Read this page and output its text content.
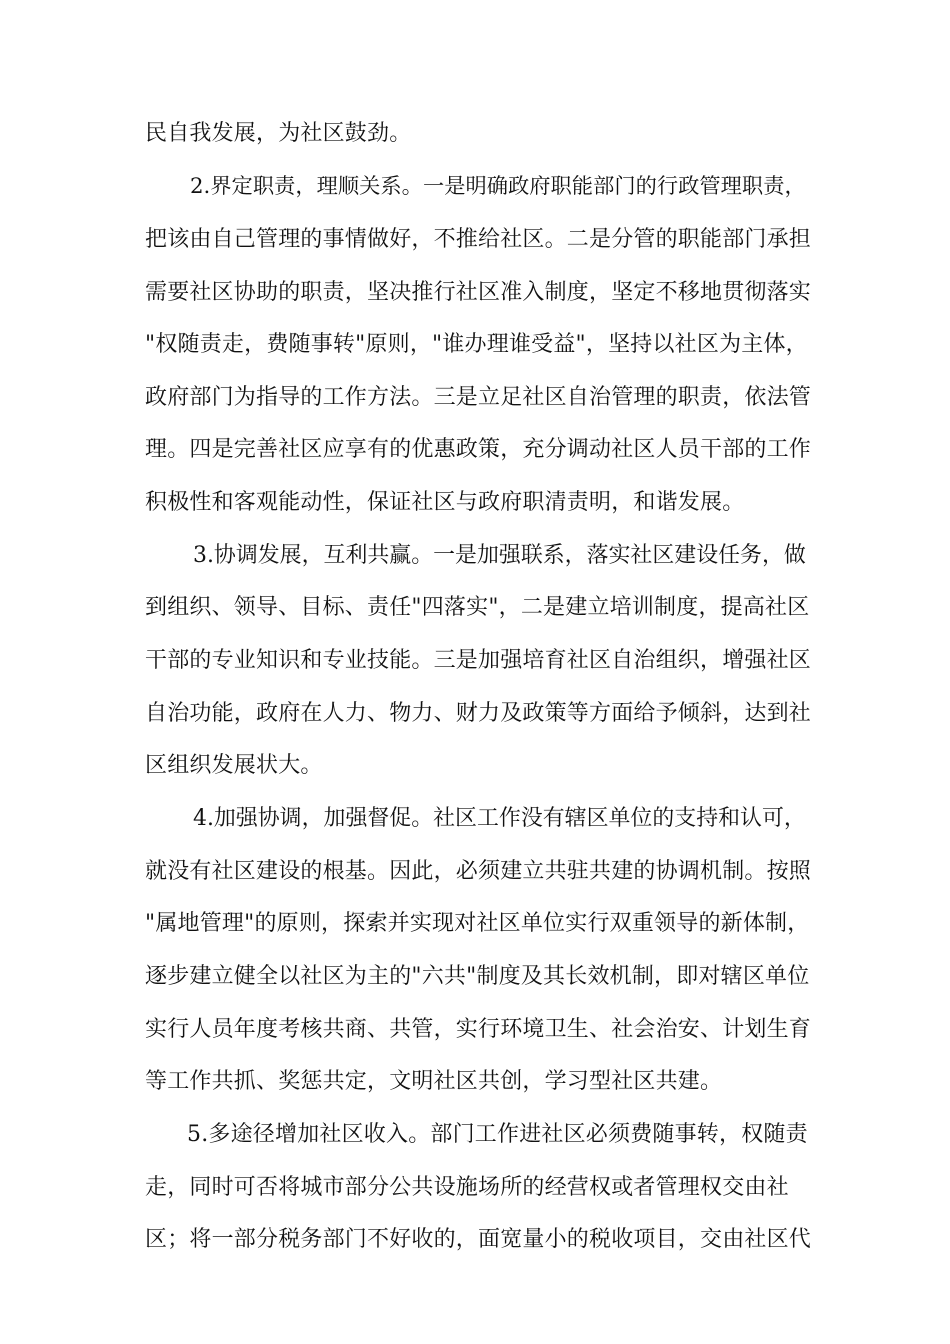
民自我发展，为社区鼓劲。
2.界定职责，理顺关系。一是明确政府职能部门的行政管理职责，
把该由自己管理的事情做好，不推给社区。二是分管的职能部门承担
需要社区协助的职责，坚决推行社区准入制度，坚定不移地贯彻落实
"权随责走，费随事转"原则，"谁办理谁受益"，坚持以社区为主体，
政府部门为指导的工作方法。三是立足社区自治管理的职责，依法管
理。四是完善社区应享有的优惠政策，充分调动社区人员干部的工作
积极性和客观能动性，保证社区与政府职清责明，和谐发展。
3.协调发展，互利共赢。一是加强联系，落实社区建设任务，做
到组织、领导、目标、责任"四落实"，二是建立培训制度，提高社区
干部的专业知识和专业技能。三是加强培育社区自治组织，增强社区
自治功能，政府在人力、物力、财力及政策等方面给予倾斜，达到社
区组织发展状大。
4.加强协调，加强督促。社区工作没有辖区单位的支持和认可，
就没有社区建设的根基。因此，必须建立共驻共建的协调机制。按照
"属地管理"的原则，探索并实现对社区单位实行双重领导的新体制，
逐步建立健全以社区为主的"六共"制度及其长效机制，即对辖区单位
实行人员年度考核共商、共管，实行环境卫生、社会治安、计划生育
等工作共抓、奖惩共定，文明社区共创，学习型社区共建。
5.多途径增加社区收入。部门工作进社区必须费随事转，权随责
走，同时可否将城市部分公共设施场所的经营权或者管理权交由社
区；将一部分税务部门不好收的，面宽量小的税收项目，交由社区代
